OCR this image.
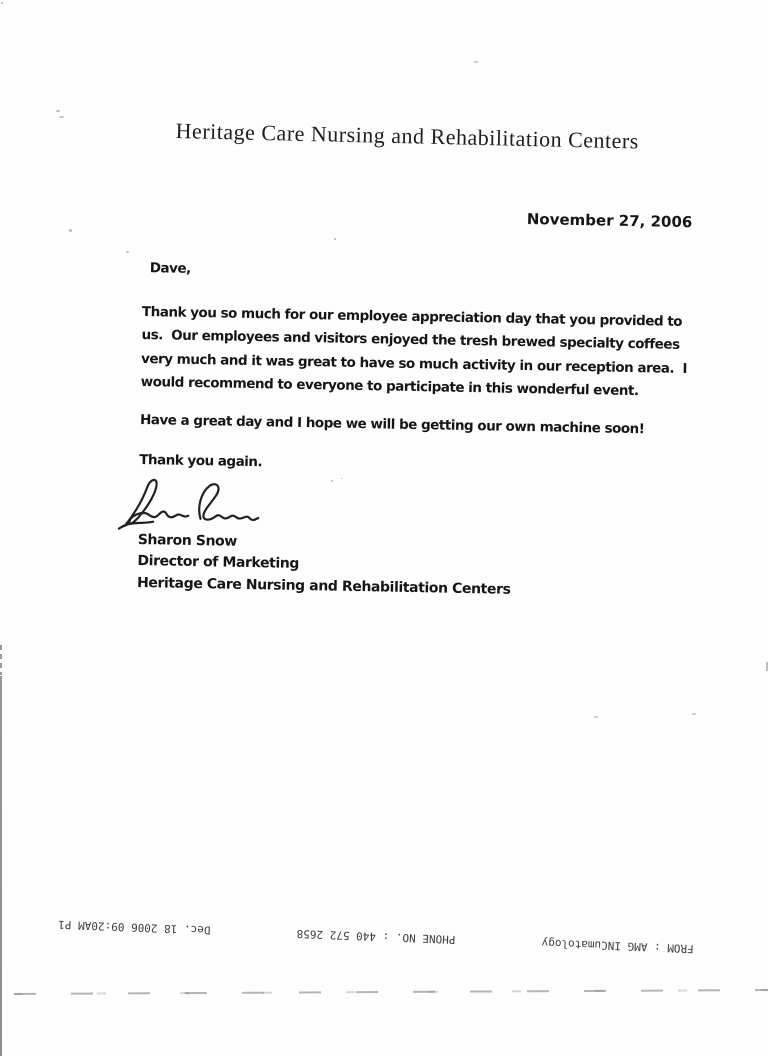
Heritage Care Nursing and Rehabilitation Centers
November 27, 2006
Dave,
Thank you so much for our employee appreciation day that you provided to
us.  Our employees and visitors enjoyed the tresh brewed specialty coffees
very much and it was great to have so much activity in our reception area.  I
would recommend to everyone to participate in this wonderful event.
Have a great day and I hope we will be getting our own machine soon!
Thank you again.
Sharon Snow
Director of Marketing
Heritage Care Nursing and Rehabilitation Centers
FROM : AMG INCumatology
PHONE NO. : 440 572 2658
Dec. 18 2006 09:20AM P1
